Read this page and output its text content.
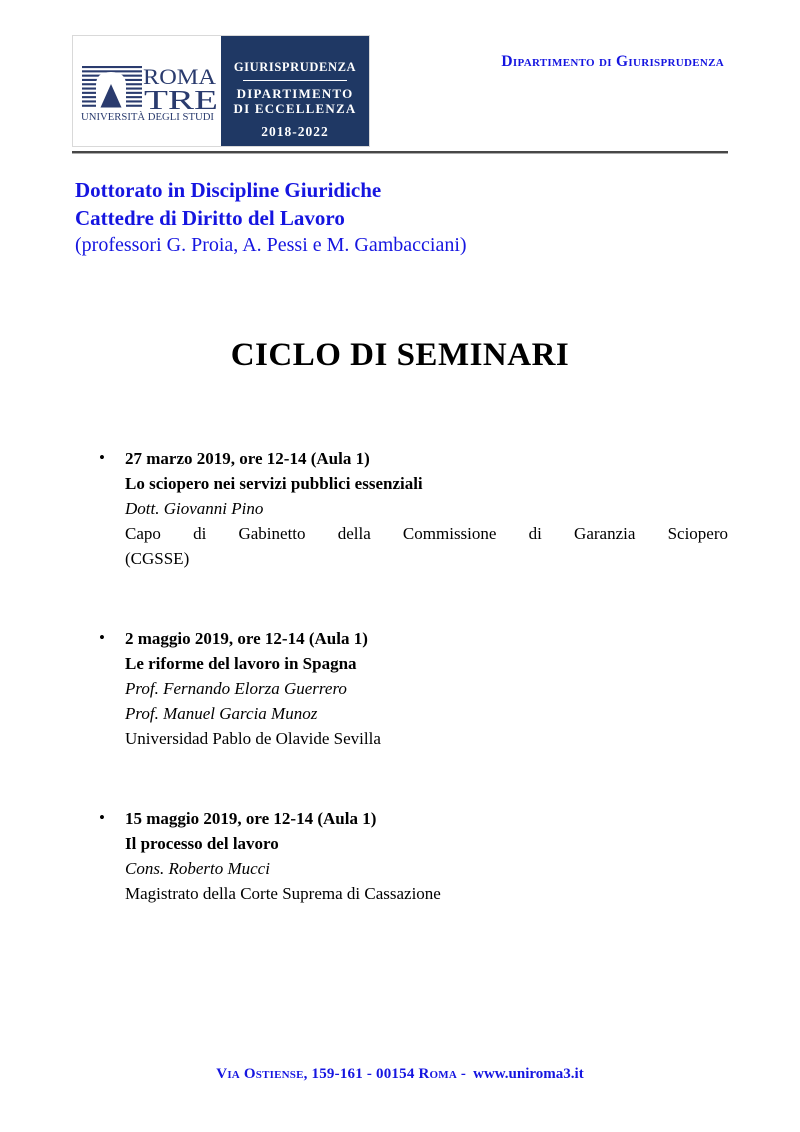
ROMA
TRE
UNIVERSITÀ DEGLI STUDI
GIURISPRUDENZA
DIPARTIMENTO
DI ECCELLENZA
2018-2022
Dipartimento di Giurisprudenza
Dottorato in Discipline Giuridiche
Cattedre di Diritto del Lavoro
(professori G. Proia, A. Pessi e M. Gambacciani)
CICLO DI SEMINARI
• 27 marzo 2019, ore 12-14 (Aula 1)
Lo sciopero nei servizi pubblici essenziali
Dott. Giovanni Pino
Capo di Gabinetto della Commissione di Garanzia Sciopero
(CGSSE)
• 2 maggio 2019, ore 12-14 (Aula 1)
Le riforme del lavoro in Spagna
Prof. Fernando Elorza Guerrero
Prof. Manuel Garcia Munoz
Universidad Pablo de Olavide Sevilla
• 15 maggio 2019, ore 12-14 (Aula 1)
Il processo del lavoro
Cons. Roberto Mucci
Magistrato della Corte Suprema di Cassazione
Via Ostiense, 159-161 - 00154 Roma - www.uniroma3.it
